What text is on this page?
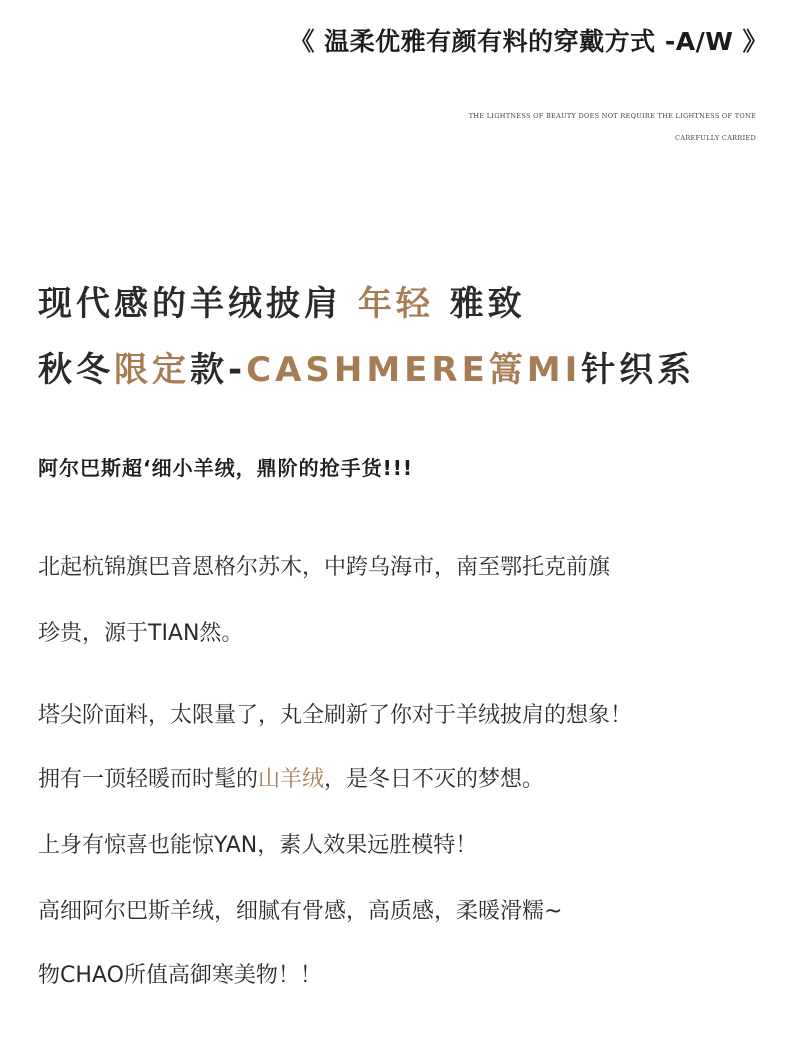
《 温柔优雅有颜有料的穿戴方式 -A/W 》
THE LIGHTNESS OF BEAUTY DOES NOT REQUIRE THE LIGHTNESS OF TONE
CAREFULLY CARRIED
现代感的羊绒披肩 年轻 雅致
秋冬限定款-CASHMERE篙MI针织系
阿尔巴斯超‘细小羊绒，鼎阶的抢手货!!!
北起杭锦旗巴音恩格尔苏木，中跨乌海市，南至鄂托克前旗
珍贵，源于TIAN然。
塔尖阶面料，太限量了，丸全刷新了你对于羊绒披肩的想象！
拥有一顶轻暖而时髦的山羊绒，是冬日不灭的梦想。
上身有惊喜也能惊YAN，素人效果远胜模特！
高细阿尔巴斯羊绒，细腻有骨感，高质感，柔暖滑糯~
物CHAO所值高御寒美物！！
